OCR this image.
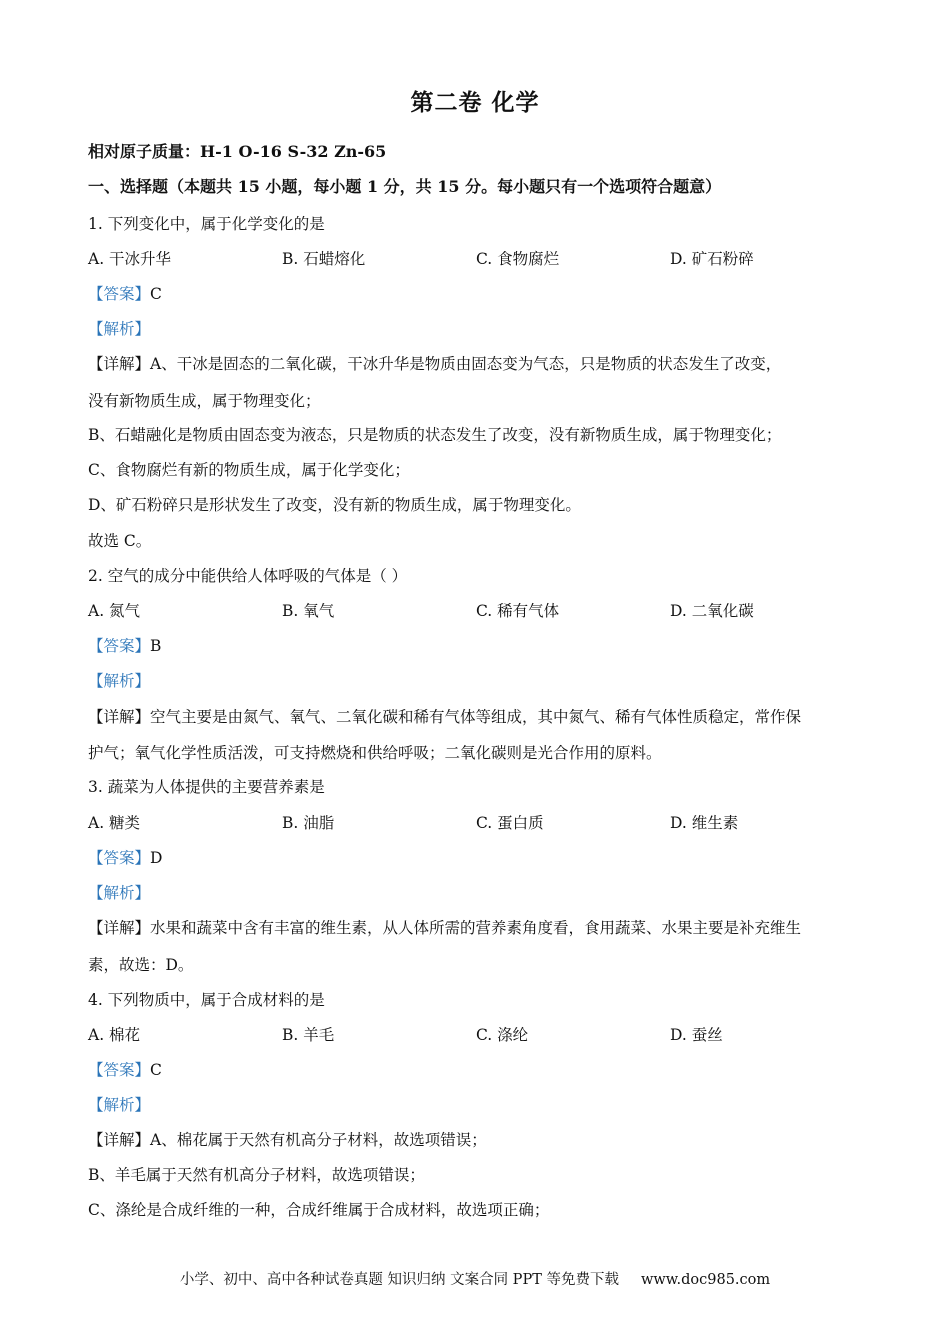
第二卷 化学
相对原子质量：H-1 O-16 S-32 Zn-65
一、选择题（本题共 15 小题，每小题 1 分，共 15 分。每小题只有一个选项符合题意）
1. 下列变化中，属于化学变化的是
A. 干冰升华	B. 石蜡熔化	C. 食物腐烂	D. 矿石粉碎
【答案】C
【解析】
【详解】A、干冰是固态的二氧化碳，干冰升华是物质由固态变为气态，只是物质的状态发生了改变，
没有新物质生成，属于物理变化；
B、石蜡融化是物质由固态变为液态，只是物质的状态发生了改变，没有新物质生成，属于物理变化；
C、食物腐烂有新的物质生成，属于化学变化；
D、矿石粉碎只是形状发生了改变，没有新的物质生成，属于物理变化。
故选 C。
2. 空气的成分中能供给人体呼吸的气体是（ ）
A. 氮气	B. 氧气	C. 稀有气体	D. 二氧化碳
【答案】B
【解析】
【详解】空气主要是由氮气、氧气、二氧化碳和稀有气体等组成，其中氮气、稀有气体性质稳定，常作保
护气；氧气化学性质活泼，可支持燃烧和供给呼吸；二氧化碳则是光合作用的原料。
3. 蔬菜为人体提供的主要营养素是
A. 糖类	B. 油脂	C. 蛋白质	D. 维生素
【答案】D
【解析】
【详解】水果和蔬菜中含有丰富的维生素，从人体所需的营养素角度看，食用蔬菜、水果主要是补充维生
素，故选：D。
4. 下列物质中，属于合成材料的是
A. 棉花	B. 羊毛	C. 涤纶	D. 蚕丝
【答案】C
【解析】
【详解】A、棉花属于天然有机高分子材料，故选项错误；
B、羊毛属于天然有机高分子材料，故选项错误；
C、涤纶是合成纤维的一种，合成纤维属于合成材料，故选项正确；
小学、初中、高中各种试卷真题 知识归纳 文案合同 PPT 等免费下载 www.doc985.com
